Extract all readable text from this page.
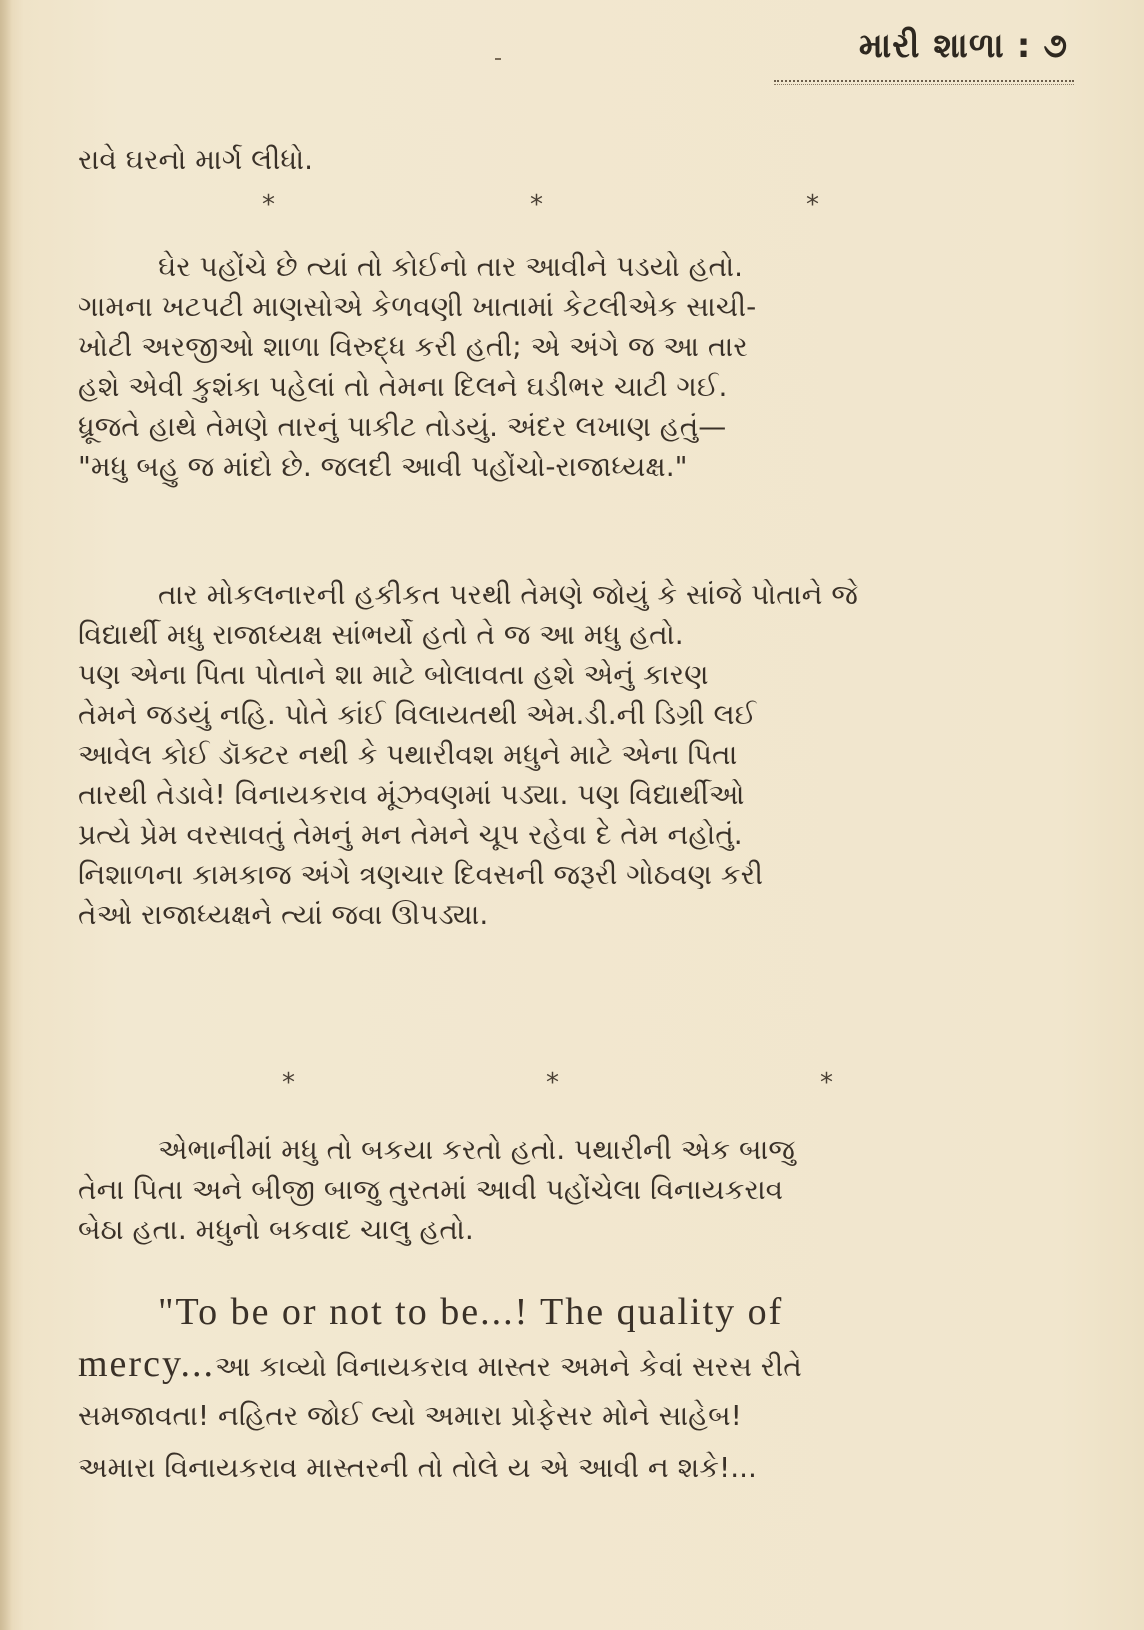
મારી શાળા : ૭
રાવે ઘરનો માર્ગ લીધો.
*	*	*
ઘેર પહોંચે છે ત્યાં તો કોઈનો તાર આવીને પડયો હતો.
ગામના ખટપટી માણસોએ કેળવણી ખાતામાં કેટલીએક સાચી-
ખોટી અરજીઓ શાળા વિરુદ્ધ કરી હતી; એ અંગે જ આ તાર
હશે એવી કુશંકા પહેલાં તો તેમના દિલને ઘડીભર ચાટી ગઈ.
ધ્રૂજતે હાથે તેમણે તારનું પાકીટ તોડયું. અંદર લખાણ હતું—
"મધુ બહુ જ માંદો છે. જલદી આવી પહોંચો-રાજાધ્યક્ષ."
તાર મોકલનારની હકીકત પરથી તેમણે જોયું કે સાંજે પોતાને જે
વિદ્યાર્થી મધુ રાજાધ્યક્ષ સાંભર્યો હતો તે જ આ મધુ હતો.
પણ એના પિતા પોતાને શા માટે બોલાવતા હશે એનું કારણ
તેમને જડયું નહિ. પોતે કાંઈ વિલાયતથી એમ.ડી.ની ડિગ્રી લઈ
આવેલ કોઈ ડૉક્ટર નથી કે પથારીવશ મધુને માટે એના પિતા
તારથી તેડાવે! વિનાયકરાવ મૂંઝવણમાં પડ્યા. પણ વિદ્યાર્થીઓ
પ્રત્યે પ્રેમ વરસાવતું તેમનું મન તેમને ચૂપ રહેવા દે તેમ નહોતું.
નિશાળના કામકાજ અંગે ત્રણચાર દિવસની જરૂરી ગોઠવણ કરી
તેઓ રાજાધ્યક્ષને ત્યાં જવા ઊપડ્યા.
*	*	*
એભાનીમાં મધુ તો બકયા કરતો હતો. પથારીની એક બાજુ
તેના પિતા અને બીજી બાજુ તુરતમાં આવી પહોંચેલા વિનાયકરાવ
બેઠા હતા. મધુનો બકવાદ ચાલુ હતો.
"To be or not to be...! The quality of
mercy...આ કાવ્યો વિનાયકરાવ માસ્તર અમને કેવાં સરસ રીતે
સમજાવતા! નહિતર જોઈ લ્યો અમારા પ્રોફેસર મોને સાહેબ!
અમારા વિનાયકરાવ માસ્તરની તો તોલે ય એ આવી ન શકે!...
